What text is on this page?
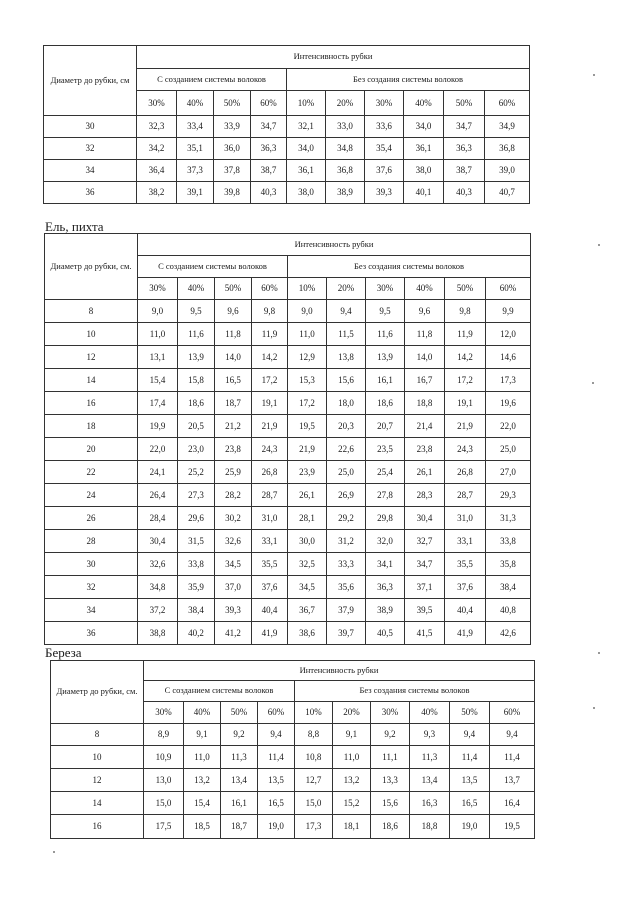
Диаметр до рубки, см	Интенсивность рубки									
	С созданием системы волоков				Без создания системы волоков					
	30%	40%	50%	60%	10%	20%	30%	40%	50%	60%
30	32,3	33,4	33,9	34,7	32,1	33,0	33,6	34,0	34,7	34,9
32	34,2	35,1	36,0	36,3	34,0	34,8	35,4	36,1	36,3	36,8
34	36,4	37,3	37,8	38,7	36,1	36,8	37,6	38,0	38,7	39,0
36	38,2	39,1	39,8	40,3	38,0	38,9	39,3	40,1	40,3	40,7
Ель, пихта
Диаметр до рубки, см.	Интенсивность рубки									
	С созданием системы волоков				Без создания системы волоков					
	30%	40%	50%	60%	10%	20%	30%	40%	50%	60%
8	9,0	9,5	9,6	9,8	9,0	9,4	9,5	9,6	9,8	9,9
10	11,0	11,6	11,8	11,9	11,0	11,5	11,6	11,8	11,9	12,0
12	13,1	13,9	14,0	14,2	12,9	13,8	13,9	14,0	14,2	14,6
14	15,4	15,8	16,5	17,2	15,3	15,6	16,1	16,7	17,2	17,3
16	17,4	18,6	18,7	19,1	17,2	18,0	18,6	18,8	19,1	19,6
18	19,9	20,5	21,2	21,9	19,5	20,3	20,7	21,4	21,9	22,0
20	22,0	23,0	23,8	24,3	21,9	22,6	23,5	23,8	24,3	25,0
22	24,1	25,2	25,9	26,8	23,9	25,0	25,4	26,1	26,8	27,0
24	26,4	27,3	28,2	28,7	26,1	26,9	27,8	28,3	28,7	29,3
26	28,4	29,6	30,2	31,0	28,1	29,2	29,8	30,4	31,0	31,3
28	30,4	31,5	32,6	33,1	30,0	31,2	32,0	32,7	33,1	33,8
30	32,6	33,8	34,5	35,5	32,5	33,3	34,1	34,7	35,5	35,8
32	34,8	35,9	37,0	37,6	34,5	35,6	36,3	37,1	37,6	38,4
34	37,2	38,4	39,3	40,4	36,7	37,9	38,9	39,5	40,4	40,8
36	38,8	40,2	41,2	41,9	38,6	39,7	40,5	41,5	41,9	42,6
Береза
Диаметр до рубки, см.	Интенсивность рубки									
	С созданием системы волоков				Без создания системы волоков					
	30%	40%	50%	60%	10%	20%	30%	40%	50%	60%
8	8,9	9,1	9,2	9,4	8,8	9,1	9,2	9,3	9,4	9,4
10	10,9	11,0	11,3	11,4	10,8	11,0	11,1	11,3	11,4	11,4
12	13,0	13,2	13,4	13,5	12,7	13,2	13,3	13,4	13,5	13,7
14	15,0	15,4	16,1	16,5	15,0	15,2	15,6	16,3	16,5	16,4
16	17,5	18,5	18,7	19,0	17,3	18,1	18,6	18,8	19,0	19,5
